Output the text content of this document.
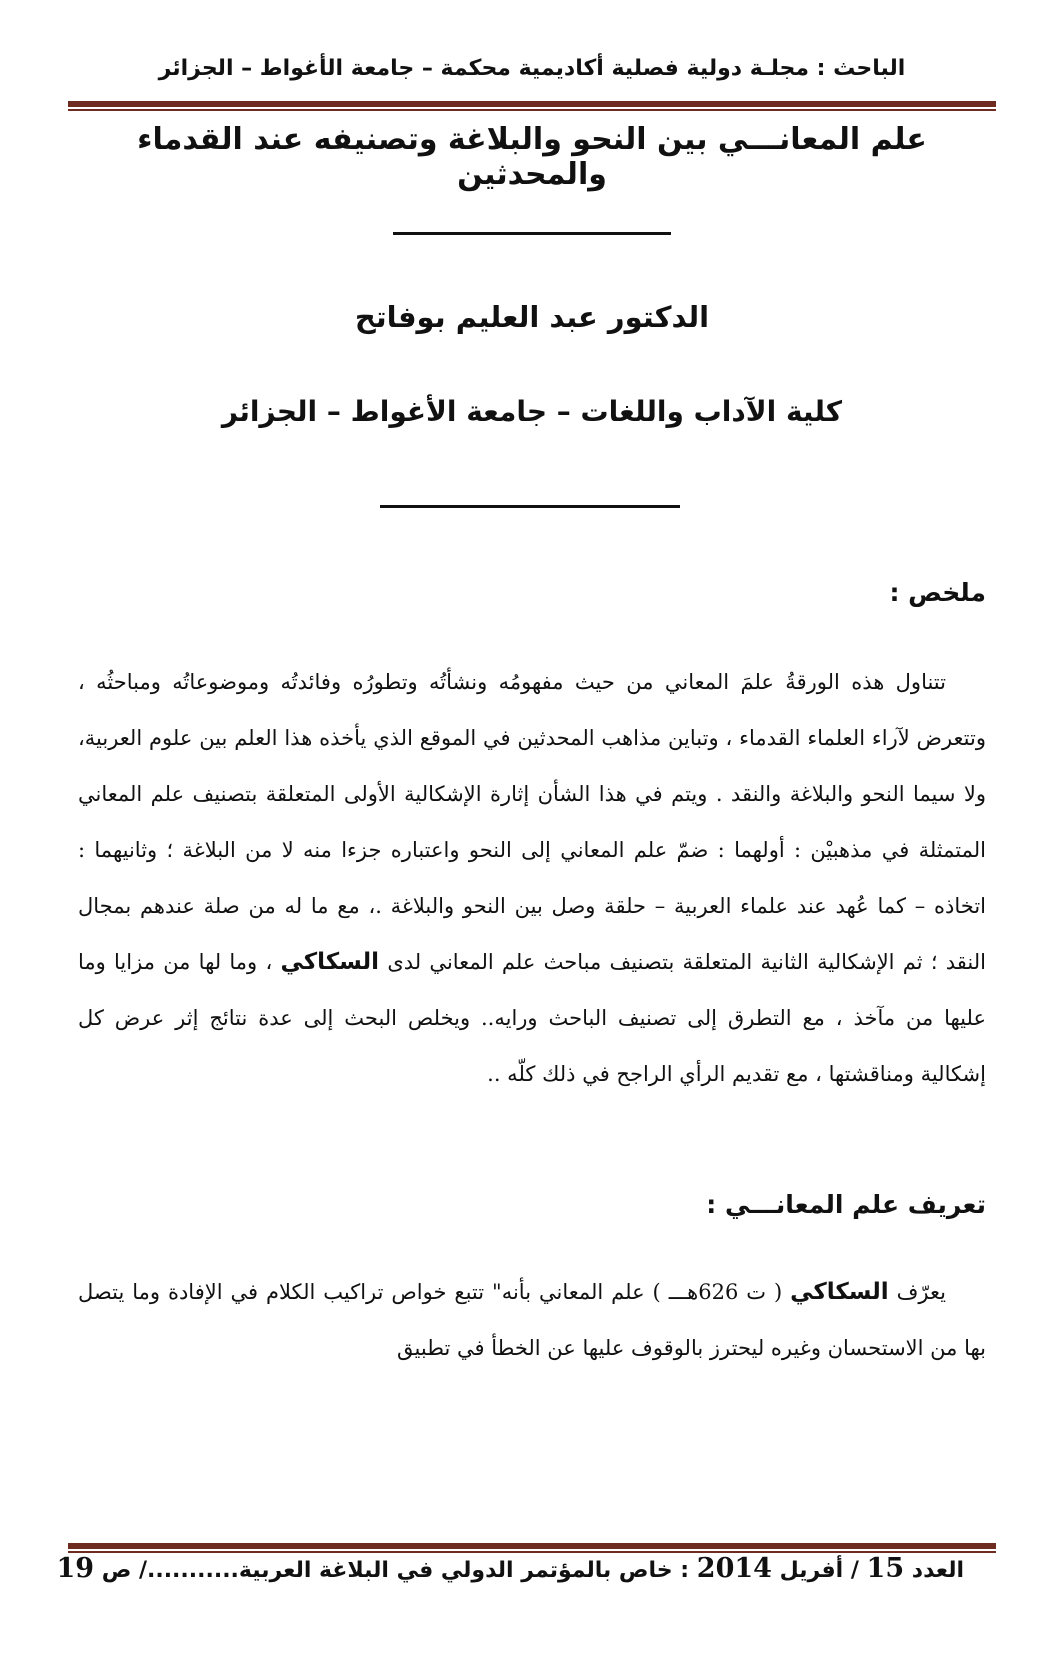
الباحث : مجلـة دولية فصلية أكاديمية محكمة – جامعة الأغواط – الجزائر
علم المعانـــي بين النحو والبلاغة وتصنيفه عند القدماء والمحدثين
الدكتور عبد العليم بوفاتح
كلية الآداب واللغات – جامعة الأغواط – الجزائر
ملخص :

تتناول هذه الورقةُ علمَ المعاني من حيث مفهومُه ونشأتُه وتطورُه وفائدتُه وموضوعاتُه ومباحثُه ، وتتعرض لآراء العلماء القدماء ، وتباين مذاهب المحدثين في الموقع الذي يأخذه هذا العلم بين علوم العربية، ولا سيما النحو والبلاغة والنقد . ويتم في هذا الشأن إثارة الإشكالية الأولى المتعلقة بتصنيف علم المعاني المتمثلة في مذهبيْن : أولهما : ضمّ علم المعاني إلى النحو واعتباره جزءا منه لا من البلاغة ؛ وثانيهما : اتخاذه – كما عُهد عند علماء العربية – حلقة وصل بين النحو والبلاغة .، مع ما له من صلة عندهم بمجال النقد ؛ ثم الإشكالية الثانية المتعلقة بتصنيف مباحث علم المعاني لدى السكاكي ، وما لها من مزايا وما عليها من مآخذ ، مع التطرق إلى تصنيف الباحث ورايه.. ويخلص البحث إلى عدة نتائج إثر عرض كل إشكالية ومناقشتها ، مع تقديم الرأي الراجح في ذلك كلّه ..

تعريف علم المعانـــي :

يعرّف السكاكي ( ت 626هـــ ) علم المعاني بأنه" تتبع خواص تراكيب الكلام في الإفادة وما يتصل بها من الاستحسان وغيره ليحترز بالوقوف عليها عن الخطأ في تطبيق

العدد 15 / أفريل 2014 : خاص بالمؤتمر الدولي في البلاغة العربية.........../ ص 19
